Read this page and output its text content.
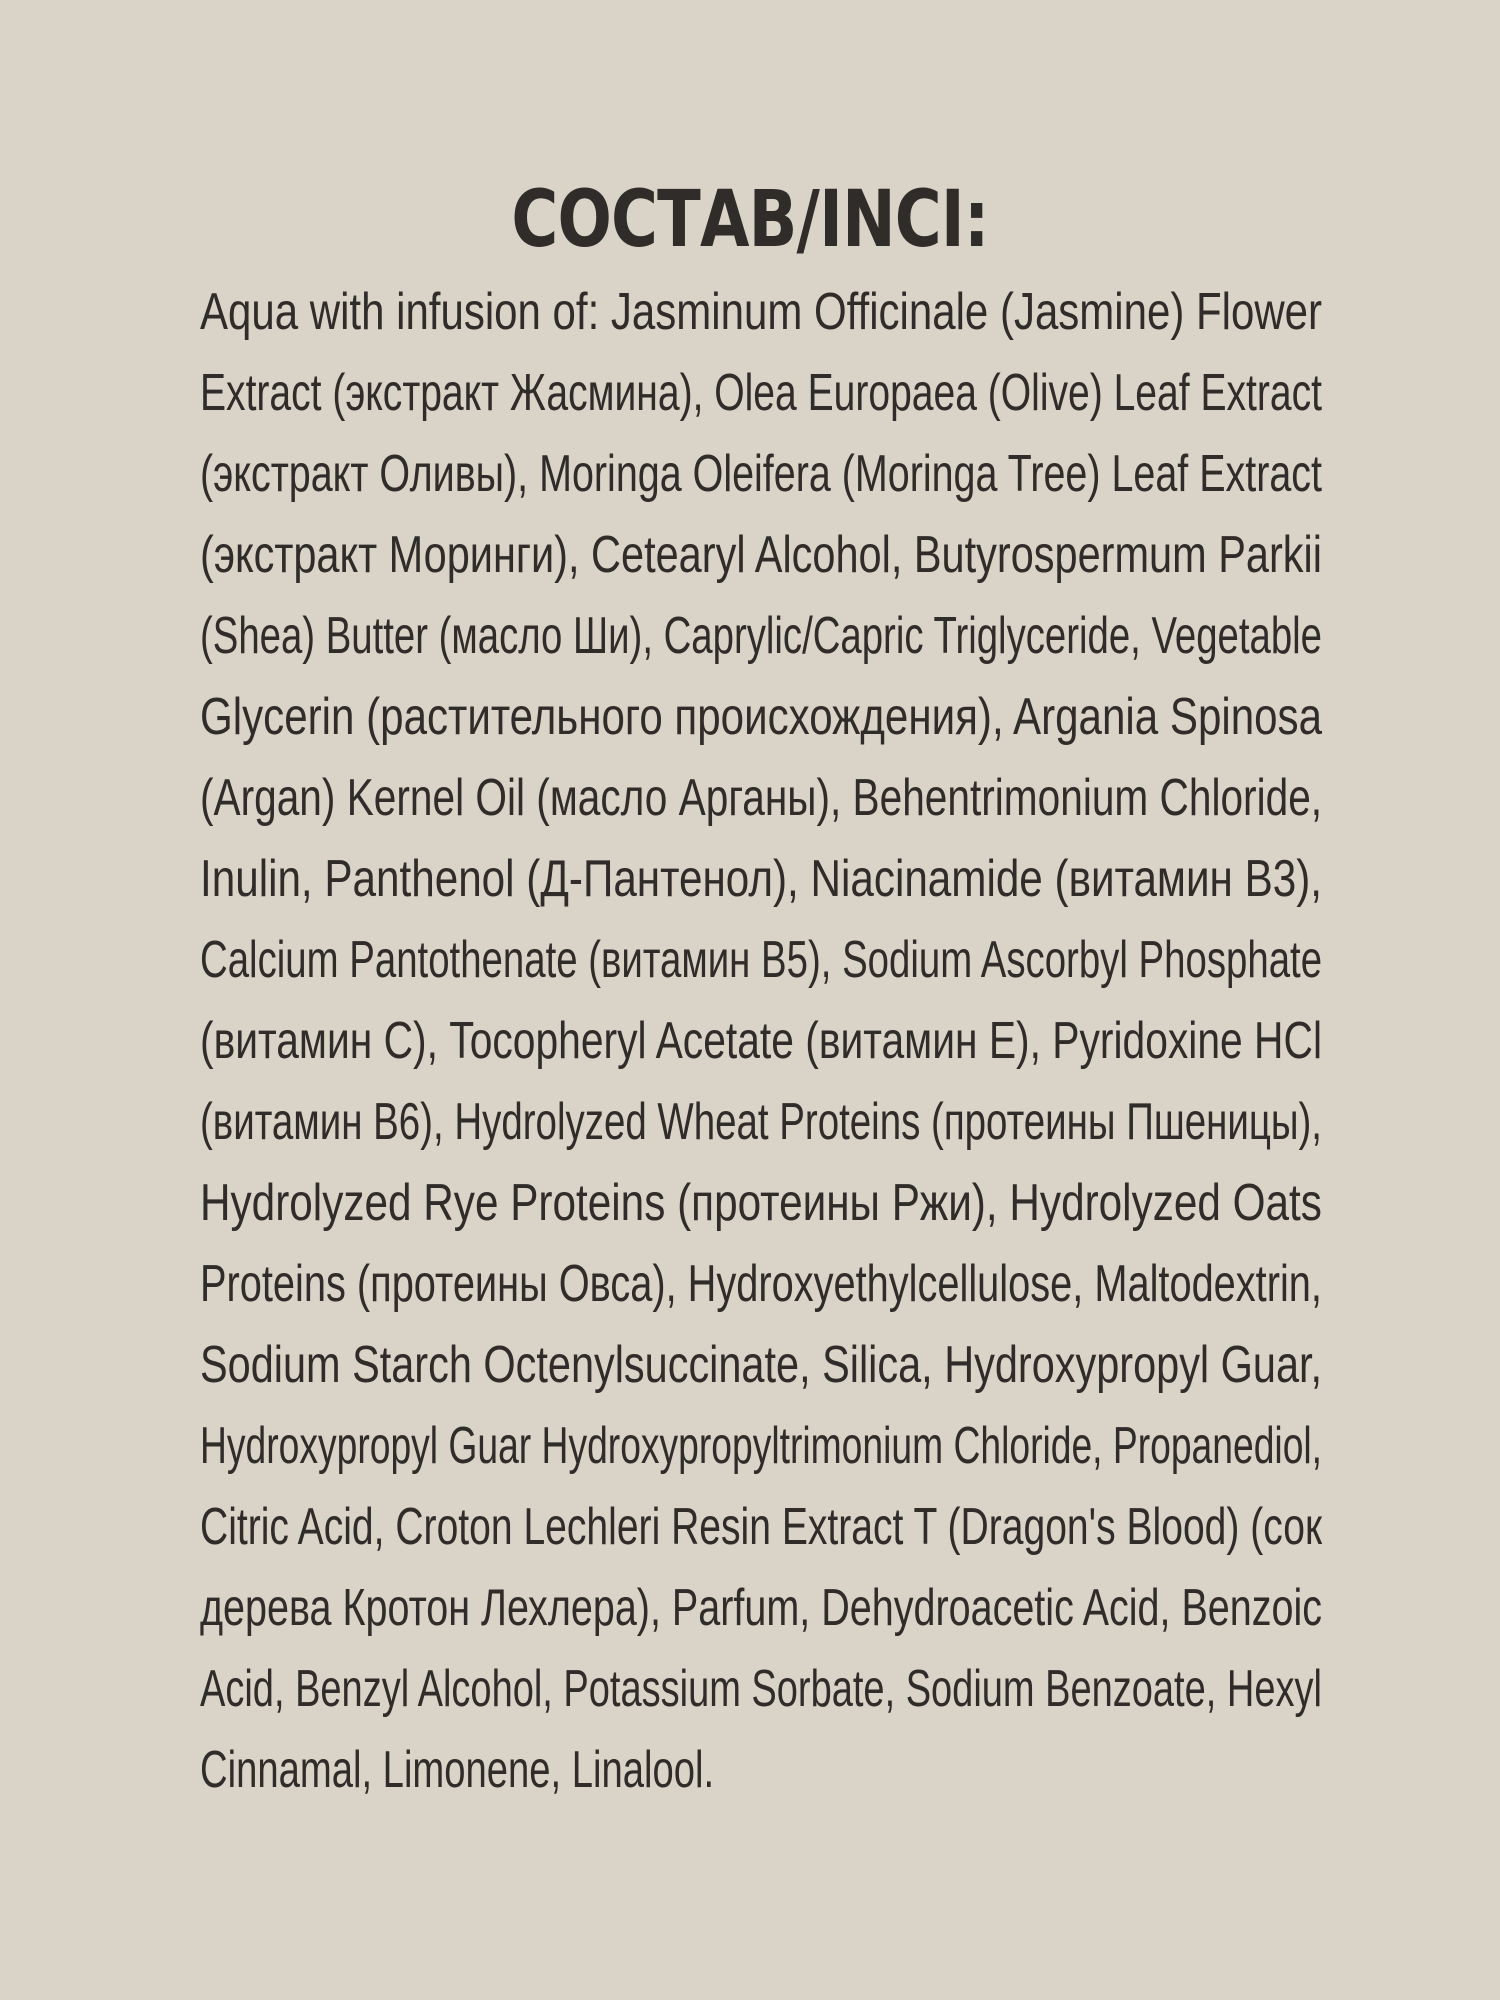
СОСТАВ/INCI:
Aqua with infusion of: Jasminum Officinale (Jasmine) Flower
Extract (экстракт Жасмина), Olea Europaea (Olive) Leaf Extract
(экстракт Оливы), Moringa Oleifera (Moringa Tree) Leaf Extract
(экстракт Моринги), Cetearyl Alcohol, Butyrospermum Parkii
(Shea) Butter (масло Ши), Caprylic/Capric Triglyceride, Vegetable
Glycerin (растительного происхождения), Argania Spinosa
(Argan) Kernel Oil (масло Арганы), Behentrimonium Chloride,
Inulin, Panthenol (Д-Пантенол), Niacinamide (витамин В3),
Calcium Pantothenate (витамин В5), Sodium Ascorbyl Phosphate
(витамин С), Tocopheryl Acetate (витамин Е), Pyridoxine HCl
(витамин В6), Hydrolyzed Wheat Proteins (протеины Пшеницы),
Hydrolyzed Rye Proteins (протеины Ржи), Hydrolyzed Oats
Proteins (протеины Овса), Hydroxyethylcellulose, Maltodextrin,
Sodium Starch Octenylsuccinate, Silica, Hydroxypropyl Guar,
Hydroxypropyl Guar Hydroxypropyltrimonium Chloride, Propanediol,
Citric Acid, Croton Lechleri Resin Extract T (Dragon's Blood) (сок
дерева Кротон Лехлера), Parfum, Dehydroacetic Acid, Benzoic
Acid, Benzyl Alcohol, Potassium Sorbate, Sodium Benzoate, Hexyl
Cinnamal, Limonene, Linalool.
